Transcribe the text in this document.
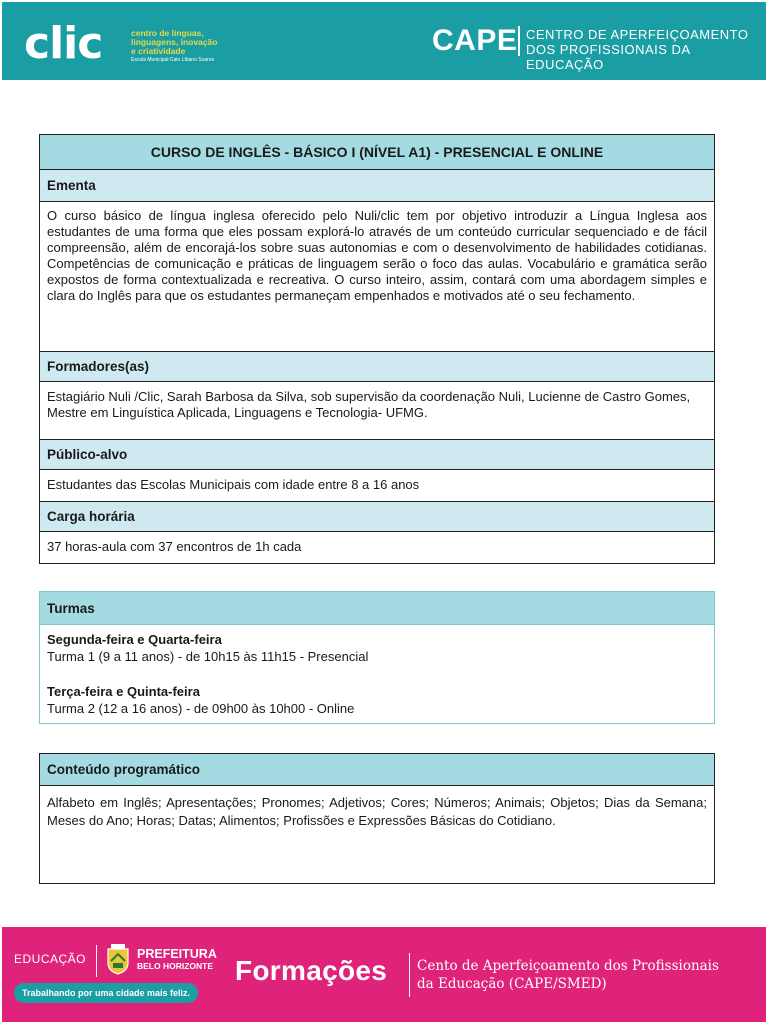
clic	centro de línguas,
linguagens, inovação
e criatividade
Escola Municipal Caio Líbano Soares
CAPE CENTRO DE APERFEIÇOAMENTO
DOS PROFISSIONAIS DA EDUCAÇÃO
CURSO DE INGLÊS - BÁSICO I (NÍVEL A1) - PRESENCIAL E ONLINE
Ementa
O curso básico de língua inglesa oferecido pelo Nuli/clic tem por objetivo introduzir a Língua Inglesa aos estudantes de uma forma que eles possam explorá-lo através de um conteúdo curricular sequenciado e de fácil compreensão, além de encorajá-los sobre suas autonomias e com o desenvolvimento de habilidades cotidianas. Competências de comunicação e práticas de linguagem serão o foco das aulas. Vocabulário e gramática serão expostos de forma contextualizada e recreativa. O curso inteiro, assim, contará com uma abordagem simples e clara do Inglês para que os estudantes permaneçam empenhados e motivados até o seu fechamento.
Formadores(as)
Estagiário Nuli /Clic, Sarah Barbosa da Silva, sob supervisão da coordenação Nuli, Lucienne de Castro Gomes, Mestre em Linguística Aplicada, Linguagens e Tecnologia- UFMG.
Público-alvo
Estudantes das Escolas Municipais com idade entre 8 a 16 anos
Carga horária
37 horas-aula com 37 encontros de 1h cada
Turmas
Segunda-feira e Quarta-feira
Turma 1 (9 a 11 anos) - de 10h15 às 11h15 - Presencial
Terça-feira e Quinta-feira
Turma 2 (12 a 16 anos) - de 09h00 às 10h00 - Online
Conteúdo programático
Alfabeto em Inglês; Apresentações; Pronomes; Adjetivos; Cores; Números; Animais; Objetos; Dias da Semana; Meses do Ano; Horas; Datas; Alimentos; Profissões e Expressões Básicas do Cotidiano.
EDUCAÇÃO	PREFEITURA
BELO HORIZONTE
Trabalhando por uma cidade mais feliz.
Formações Cento de Aperfeiçoamento dos Profissionais
da Educação (CAPE/SMED)
